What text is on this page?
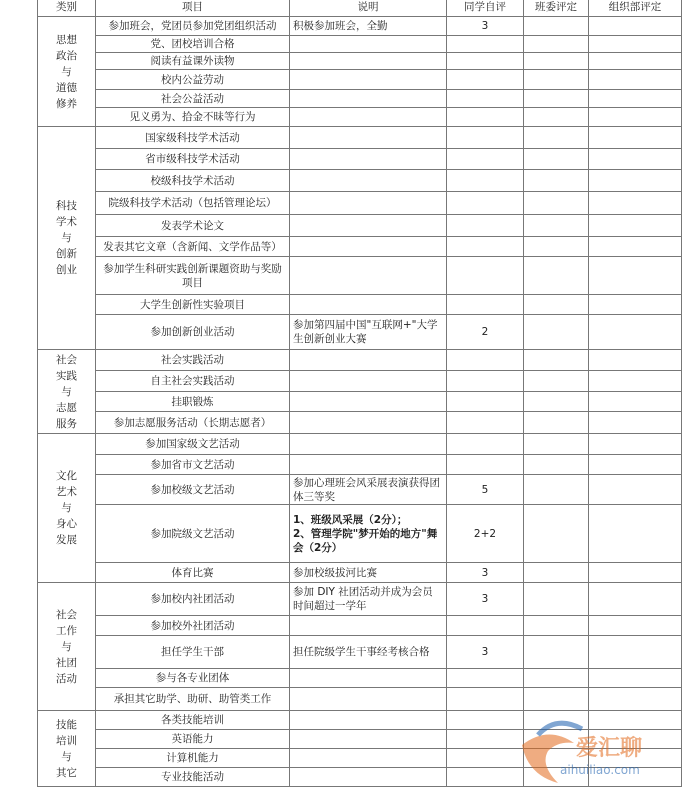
类别	项目	说明	同学自评	班委评定	组织部评定

思想
政治
与
道德
修养	参加班会，党团员参加党团组织活动	积极参加班会，全勤	3		
	党、团校培训合格				
	阅读有益课外读物				
	校内公益劳动				
	社会公益活动				
	见义勇为、拾金不昧等行为				

科技
学术
与
创新
创业	国家级科技学术活动				
	省市级科技学术活动				
	校级科技学术活动				
	院级科技学术活动（包括管理论坛）				
	发表学术论文				
	发表其它文章（含新闻、文学作品等）				
	参加学生科研实践创新课题资助与奖励项目				
	大学生创新性实验项目				
	参加创新创业活动	参加第四届中国"互联网+"大学生创新创业大赛	2		

社会
实践
与
志愿
服务	社会实践活动				
	自主社会实践活动				
	挂职锻炼				
	参加志愿服务活动（长期志愿者）				

文化
艺术
与
身心
发展	参加国家级文艺活动				
	参加省市文艺活动				
	参加校级文艺活动	参加心理班会风采展表演获得团体三等奖	5		
	参加院级文艺活动	1、班级风采展（2分）；
2、管理学院"梦开始的地方"舞会（2分）	2+2		
	体育比赛	参加校级拔河比赛	3		

社会
工作
与
社团
活动	参加校内社团活动	参加 DIY 社团活动并成为会员时间超过一学年	3		
	参加校外社团活动				
	担任学生干部	担任院级学生干事经考核合格	3		
	参与各专业团体				
	承担其它助学、助研、助管类工作				

技能
培训
与
其它	各类技能培训				
	英语能力				
	计算机能力				
	专业技能活动				
爱汇聊
aihuiliao.com
